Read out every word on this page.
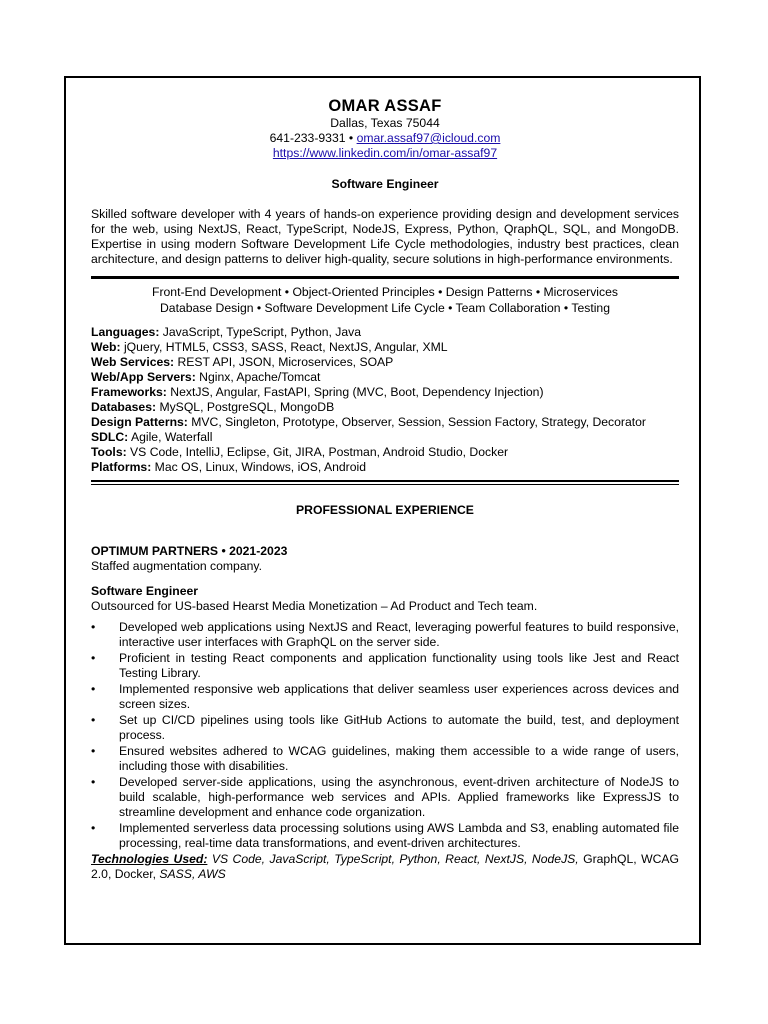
OMAR ASSAF
Dallas, Texas 75044
641-233-9331 • omar.assaf97@icloud.com
https://www.linkedin.com/in/omar-assaf97
Software Engineer
Skilled software developer with 4 years of hands-on experience providing design and development services for the web, using NextJS, React, TypeScript, NodeJS, Express, Python, QraphQL, SQL, and MongoDB. Expertise in using modern Software Development Life Cycle methodologies, industry best practices, clean architecture, and design patterns to deliver high-quality, secure solutions in high-performance environments.
Front-End Development • Object-Oriented Principles • Design Patterns • Microservices
Database Design • Software Development Life Cycle • Team Collaboration • Testing
Languages: JavaScript, TypeScript, Python, Java
Web: jQuery, HTML5, CSS3, SASS, React, NextJS, Angular, XML
Web Services: REST API, JSON, Microservices, SOAP
Web/App Servers: Nginx, Apache/Tomcat
Frameworks: NextJS, Angular, FastAPI, Spring (MVC, Boot, Dependency Injection)
Databases: MySQL, PostgreSQL, MongoDB
Design Patterns: MVC, Singleton, Prototype, Observer, Session, Session Factory, Strategy, Decorator
SDLC: Agile, Waterfall
Tools: VS Code, IntelliJ, Eclipse, Git, JIRA, Postman, Android Studio, Docker
Platforms: Mac OS, Linux, Windows, iOS, Android
PROFESSIONAL EXPERIENCE
OPTIMUM PARTNERS • 2021-2023
Staffed augmentation company.
Software Engineer
Outsourced for US-based Hearst Media Monetization – Ad Product and Tech team.
• Developed web applications using NextJS and React, leveraging powerful features to build responsive, interactive user interfaces with GraphQL on the server side.
• Proficient in testing React components and application functionality using tools like Jest and React Testing Library.
• Implemented responsive web applications that deliver seamless user experiences across devices and screen sizes.
• Set up CI/CD pipelines using tools like GitHub Actions to automate the build, test, and deployment process.
• Ensured websites adhered to WCAG guidelines, making them accessible to a wide range of users, including those with disabilities.
• Developed server-side applications, using the asynchronous, event-driven architecture of NodeJS to build scalable, high-performance web services and APIs. Applied frameworks like ExpressJS to streamline development and enhance code organization.
• Implemented serverless data processing solutions using AWS Lambda and S3, enabling automated file processing, real-time data transformations, and event-driven architectures.
Technologies Used: VS Code, JavaScript, TypeScript, Python, React, NextJS, NodeJS, GraphQL, WCAG 2.0, Docker, SASS, AWS
